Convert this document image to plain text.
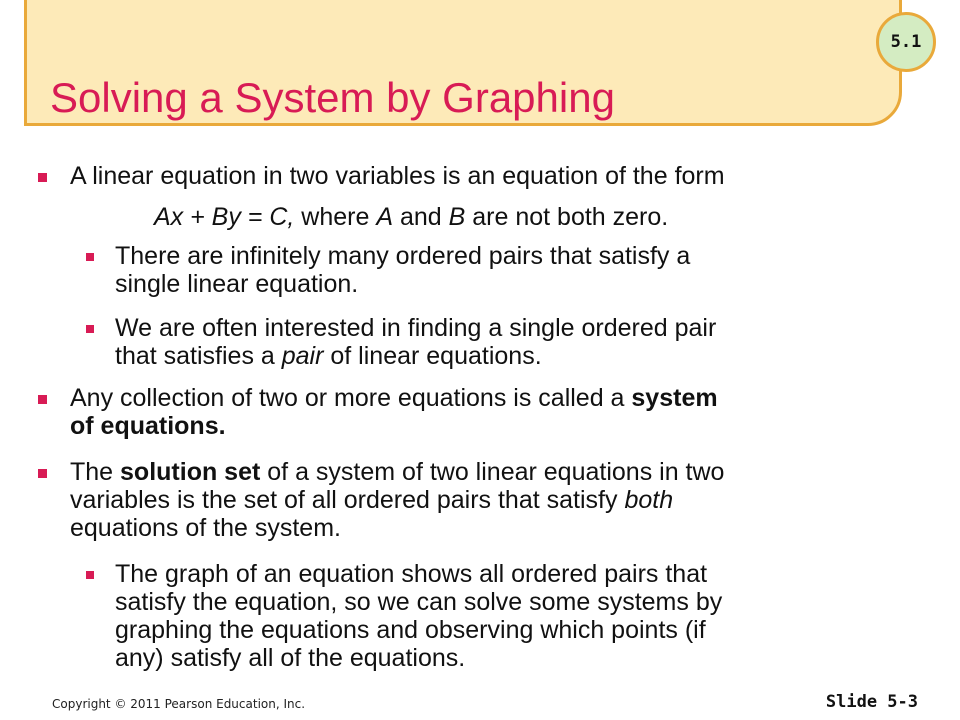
5.1
Solving a System by Graphing
A linear equation in two variables is an equation of the form
Ax + By = C, where A and B are not both zero.
There are infinitely many ordered pairs that satisfy a
single linear equation.
We are often interested in finding a single ordered pair
that satisfies a pair of linear equations.
Any collection of two or more equations is called a system
of equations.
The solution set of a system of two linear equations in two
variables is the set of all ordered pairs that satisfy both
equations of the system.
The graph of an equation shows all ordered pairs that
satisfy the equation, so we can solve some systems by
graphing the equations and observing which points (if
any) satisfy all of the equations.
Copyright © 2011 Pearson Education, Inc.	Slide 5-3
